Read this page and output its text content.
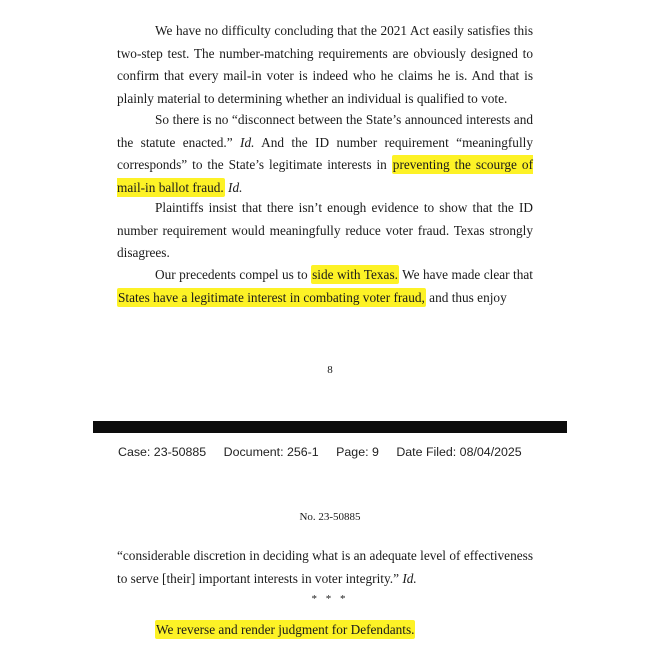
We have no difficulty concluding that the 2021 Act easily satisfies this two-step test. The number-matching requirements are obviously designed to confirm that every mail-in voter is indeed who he claims he is. And that is plainly material to determining whether an individual is qualified to vote.
So there is no “disconnect between the State’s announced interests and the statute enacted.” Id. And the ID number requirement “meaningfully corresponds” to the State’s legitimate interests in preventing the scourge of mail-in ballot fraud. Id.
Plaintiffs insist that there isn’t enough evidence to show that the ID number requirement would meaningfully reduce voter fraud. Texas strongly disagrees.
Our precedents compel us to side with Texas. We have made clear that States have a legitimate interest in combating voter fraud, and thus enjoy
8
Case: 23-50885 Document: 256-1 Page: 9 Date Filed: 08/04/2025
No. 23-50885
“considerable discretion in deciding what is an adequate level of effectiveness to serve [their] important interests in voter integrity.” Id.
* * *
We reverse and render judgment for Defendants.
